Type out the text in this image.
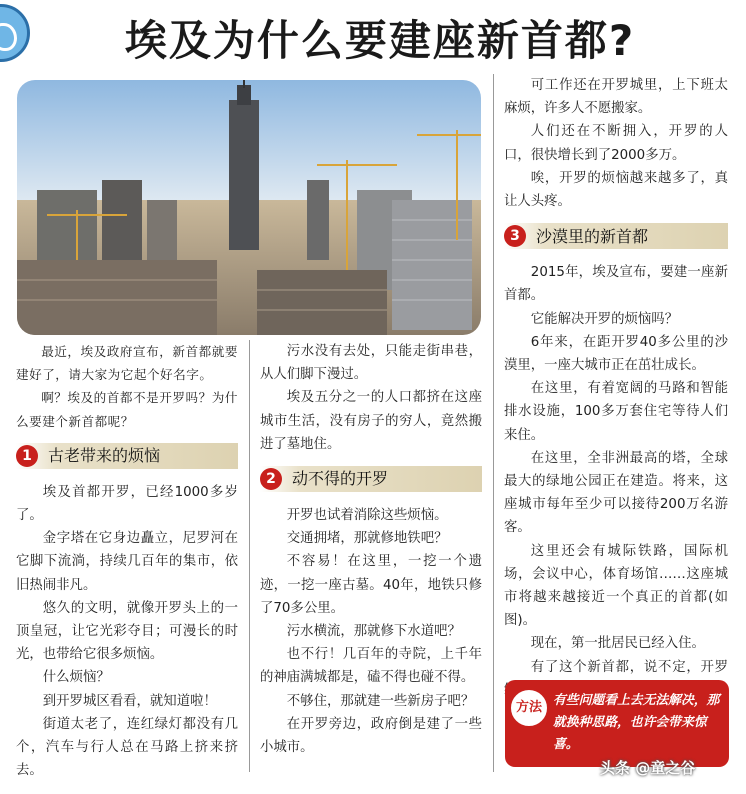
埃及为什么要建座新首都?

最近，埃及政府宣布，新首都就要建好了，请大家为它起个好名字。

啊？埃及的首都不是开罗吗？为什么要建个新首都呢？

1	古老带来的烦恼

埃及首都开罗，已经1000多岁了。

金字塔在它身边矗立，尼罗河在它脚下流淌，持续几百年的集市，依旧热闹非凡。

悠久的文明，就像开罗头上的一顶皇冠，让它光彩夺目；可漫长的时光，也带给它很多烦恼。

什么烦恼？

到开罗城区看看，就知道啦！

街道太老了，连红绿灯都没有几个，汽车与行人总在马路上挤来挤去。

污水没有去处，只能走街串巷，从人们脚下漫过。

埃及五分之一的人口都挤在这座城市生活，没有房子的穷人，竟然搬进了墓地住。

2	动不得的开罗

开罗也试着消除这些烦恼。

交通拥堵，那就修地铁吧？

不容易！在这里，一挖一个遗迹，一挖一座古墓。40年，地铁只修了70多公里。

污水横流，那就修下水道吧？

也不行！几百年的寺院，上千年的神庙满城都是，磕不得也碰不得。

不够住，那就建一些新房子吧？

在开罗旁边，政府倒是建了一些小城市。

可工作还在开罗城里，上下班太麻烦，许多人不愿搬家。

人们还在不断拥入，开罗的人口，很快增长到了2000多万。

唉，开罗的烦恼越来越多了，真让人头疼。

3	沙漠里的新首都

2015年，埃及宣布，要建一座新首都。

它能解决开罗的烦恼吗？

6年来，在距开罗40多公里的沙漠里，一座大城市正在茁壮成长。

在这里，有着宽阔的马路和智能排水设施，100多万套住宅等待人们来住。

在这里，全非洲最高的塔，全球最大的绿地公园正在建造。将来，这座城市每年至少可以接待200万名游客。

这里还会有城际铁路，国际机场，会议中心，体育场馆……这座城市将越来越接近一个真正的首都(如图)。

现在，第一批居民已经入住。

有了这个新首都，说不定，开罗

方法 有些问题看上去无法解决，那就换种思路，也许会带来惊喜。
头条 @童之谷
